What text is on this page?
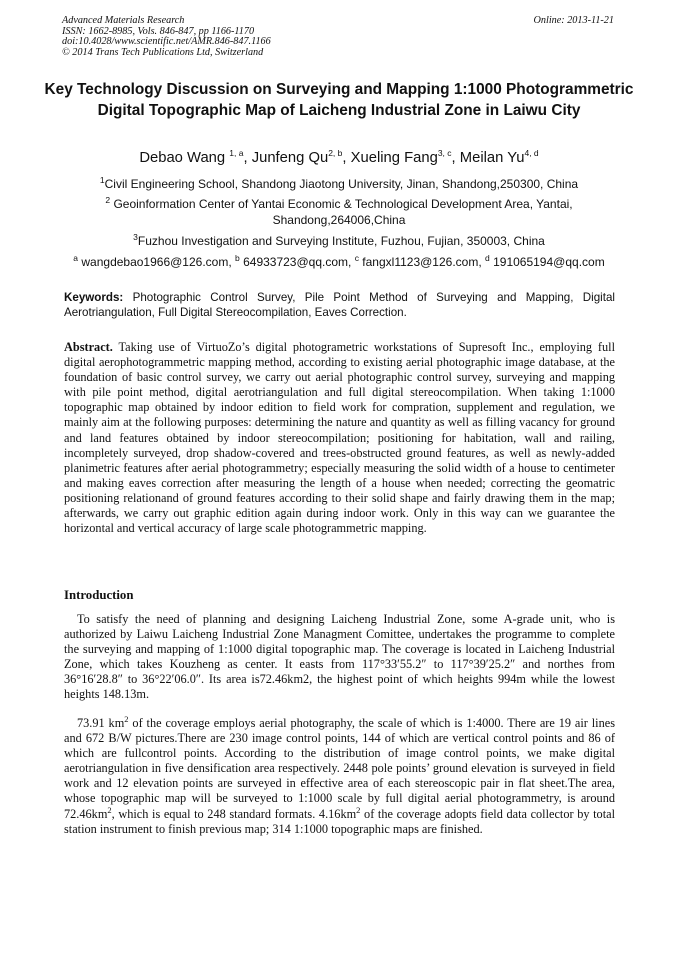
Advanced Materials Research
ISSN: 1662-8985, Vols. 846-847, pp 1166-1170
doi:10.4028/www.scientific.net/AMR.846-847.1166
© 2014 Trans Tech Publications Ltd, Switzerland
Online: 2013-11-21
Key Technology Discussion on Surveying and Mapping 1:1000 Photogrammetric Digital Topographic Map of Laicheng Industrial Zone in Laiwu City
Debao Wang $^{1, a}$, Junfeng Qu$^{2, b}$, Xueling Fang$^{3, c}$, Meilan Yu$^{4, d}$
$^1$Civil Engineering School, Shandong Jiaotong University, Jinan, Shandong,250300, China
$^2$ Geoinformation Center of Yantai Economic & Technological Development Area, Yantai, Shandong,264006,China
$^3$Fuzhou Investigation and Surveying Institute, Fuzhou, Fujian, 350003, China
$^a$ wangdebao1966@126.com, $^b$ 64933723@qq.com, $^c$ fangxl1123@126.com, $^d$ 191065194@qq.com
Keywords: Photographic Control Survey, Pile Point Method of Surveying and Mapping, Digital Aerotriangulation, Full Digital Stereocompilation, Eaves Correction.
Abstract. Taking use of VirtuoZo’s digital photogrametric workstations of Supresoft Inc., employing full digital aerophotogrammetric mapping method, according to existing aerial photographic image database, at the foundation of basic control survey, we carry out aerial photographic control survey, surveying and mapping with pile point method, digital aerotriangulation and full digital stereocompilation. When taking 1:1000 topographic map obtained by indoor edition to field work for compration, supplement and regulation, we mainly aim at the following purposes: determining the nature and quantity as well as filling vacancy for ground and land features obtained by indoor stereocompilation; positioning for habitation, wall and railing, incompletely surveyed, drop shadow-covered and trees-obstructed ground features, as well as newly-added planimetric features after aerial photogrammetry; especially measuring the solid width of a house to centimeter and making eaves correction after measuring the length of a house when needed; correcting the geomatric positioning relationand of ground features according to their solid shape and fairly drawing them in the map; afterwards, we carry out graphic edition again during indoor work. Only in this way can we guarantee the horizontal and vertical accuracy of large scale photogrammetric mapping.
Introduction
To satisfy the need of planning and designing Laicheng Industrial Zone, some A-grade unit, who is authorized by Laiwu Laicheng Industrial Zone Managment Comittee, undertakes the programme to complete the surveying and mapping of 1:1000 digital topographic map. The coverage is located in Laicheng Industrial Zone, which takes Kouzheng as center. It easts from 117°33′55.2″ to 117°39′25.2″ and northes from 36°16′28.8″ to 36°22′06.0″. Its area is72.46km2, the highest point of which heights 994m while the lowest heights 148.13m.
73.91 $km^2$ of the coverage employs aerial photography, the scale of which is 1:4000. There are 19 air lines and 672 B/W pictures.There are 230 image control points, 144 of which are vertical control points and 86 of which are fullcontrol points. According to the distribution of image control points, we make digital aerotriangulation in five densification area respectively. 2448 pole points’ ground elevation is surveyed in field work and 12 elevation points are surveyed in effective area of each stereoscopic pair in flat sheet.The area, whose topographic map will be surveyed to 1:1000 scale by full digital aerial photogrammetry, is around $72.46km^2$, which is equal to 248 standard formats. $4.16km^2$ of the coverage adopts field data collector by total station instrument to finish previous map; 314 1:1000 topographic maps are finished.
